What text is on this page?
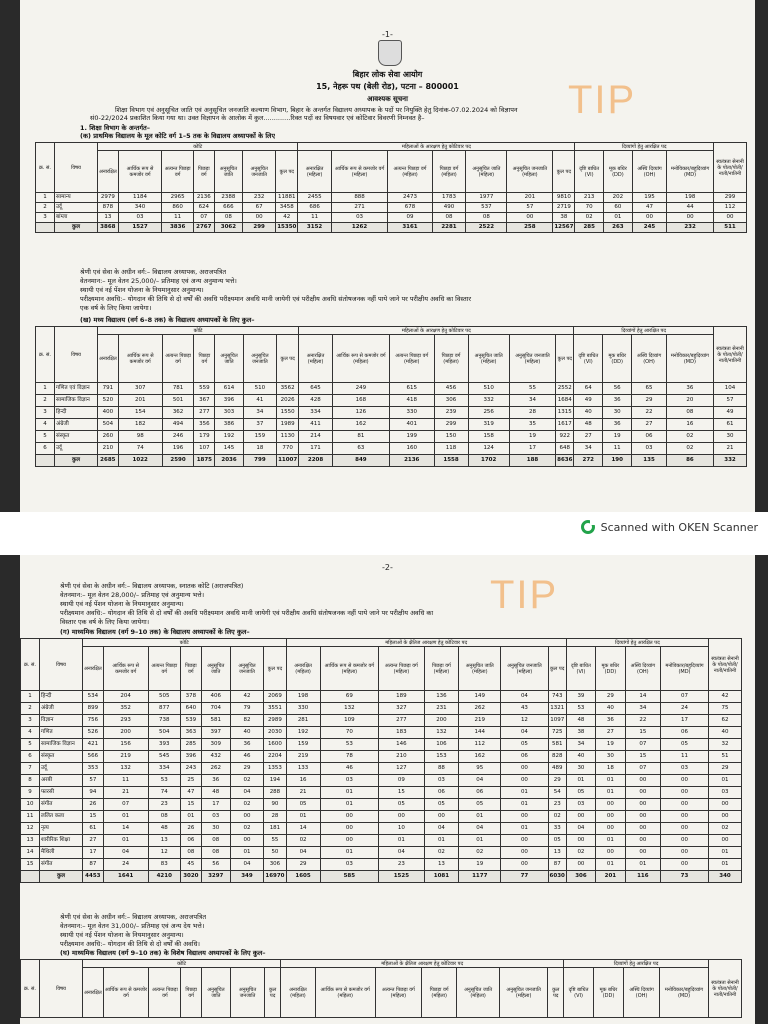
-1-
TIP
बिहार लोक सेवा आयोग
15, नेहरू पथ (बेली रोड), पटना – 800001
आवश्यक सूचना
शिक्षा विभाग एवं अनुसूचित जाति एवं अनुसूचित जनजाति कल्याण विभाग, बिहार के अन्तर्गत विद्यालय अध्यापक के पदों पर नियुक्ति हेतु दिनांक-07.02.2024 को विज्ञापन
सं0-22/2024 प्रकाशित किया गया था। उक्त विज्ञापन के आलोक में कुल.............रिक्त पदों का विषयवार एवं कोटिवार विवरणी निम्नवत है–
1. शिक्षा विभाग के अन्तर्गत–
(क) प्राथमिक विद्यालय के मूल कोटि वर्ग 1–5 तक के विद्यालय अध्यापकों के लिए
क्र. सं.	विषय	कोटि							महिलाओं के आरक्षण हेतु कोटिवार पद							दिव्यांगों हेतु आरक्षित पद				स्वतंत्रता सेनानी के पोता/पोती/नाती/नातिनी
		अनारक्षित	आर्थिक रूप से कमजोर वर्ग	अत्यन्त पिछड़ा वर्ग	पिछड़ा वर्ग	अनुसूचित जाति	अनुसूचित जनजाति	कुल पद	अनारक्षित (महिला)	आर्थिक रूप से कमजोर वर्ग (महिला)	अत्यन्त पिछड़ा वर्ग (महिला)	पिछड़ा वर्ग (महिला)	अनुसूचित जाति (महिला)	अनुसूचित जनजाति (महिला)	कुल पद	दृष्टि बाधित (VI)	मूक बधिर (DD)	अस्थि दिव्यांग (OH)	मनोविकार/बहुदिव्यांग (MD)	
1	सामान्य	2979	1184	2965	2136	2388	232	11881	2455	888	2473	1783	1977	201	9810	213	202	195	198	299
2	उर्दू	878	340	860	624	666	67	3458	686	271	678	490	537	57	2719	70	60	47	44	112
3	बांग्ला	13	03	11	07	08	00	42	11	03	09	08	08	00	38	02	01	00	00	00
	कुल	3868	1527	3836	2767	3062	299	15350	3152	1262	3161	2281	2522	258	12567	285	263	245	232	511
श्रेणी एवं सेवा के अधीन वर्ग:– विद्यालय अध्यापक, अराजपत्रित
वेतनमान:– मूल वेतन 25,000/– प्रतिमाह एवं अन्य अनुमान्य भत्ते।
स्थायी एवं नई पेंशन योजना के नियमानुसार अनुमान्य।
परीक्ष्यमान अवधि:– योगदान की तिथि से दो वर्षों की अवधि परीक्ष्यमान अवधि मानी जायेगी एवं परीक्षीय अवधि संतोषजनक नहीं पाये जाने पर परीक्षीय अवधि का विस्तार
एक वर्ष के लिए किया जायेगा।
(ख) मध्य विद्यालय (वर्ग 6–8 तक) के विद्यालय अध्यापकों के लिए कुल–
क्र. सं.	विषय	कोटि							महिलाओं के आरक्षण हेतु कोटिवार पद							दिव्यांगों हेतु आरक्षित पद				स्वतंत्रता सेनानी के पोता/पोती/नाती/नातिनी
		अनारक्षित	आर्थिक रूप से कमजोर वर्ग	अत्यन्त पिछड़ा वर्ग	पिछड़ा वर्ग	अनुसूचित जाति	अनुसूचित जनजाति	कुल पद	अनारक्षित (महिला)	आर्थिक रूप से कमजोर वर्ग (महिला)	अत्यन्त पिछड़ा वर्ग (महिला)	पिछड़ा वर्ग (महिला)	अनुसूचित जाति (महिला)	अनुसूचित जनजाति (महिला)	कुल पद	दृष्टि बाधित (VI)	मूक बधिर (DD)	अस्थि दिव्यांग (OH)	मनोविकार/बहुदिव्यांग (MD)	
1	गणित एवं विज्ञान	791	307	781	559	614	510	3562	645	249	615	456	510	55	2552	64	56	65	36	104
2	सामाजिक विज्ञान	520	201	501	367	396	41	2026	428	168	418	306	332	34	1684	49	36	29	20	57
3	हिन्दी	400	154	362	277	303	34	1550	334	126	330	239	256	28	1315	40	30	22	08	49
4	अंग्रेजी	504	182	494	356	386	37	1989	411	162	401	299	319	35	1617	48	36	27	16	61
5	संस्कृत	260	98	246	179	192	159	1130	214	81	199	150	158	19	922	27	19	06	02	30
6	उर्दू	210	74	196	107	145	18	770	171	63	160	118	124	17	648	34	11	03	02	21
	कुल	2685	1022	2590	1875	2036	799	11007	2208	849	2136	1558	1702	188	8636	272	190	135	86	332
Scanned with OKEN Scanner
-2-
TIP
श्रेणी एवं सेवा के अधीन वर्ग:– विद्यालय अध्यापक, स्नातक कोटि (अराजपत्रित)
वेतनमान:– मूल वेतन 28,000/– प्रतिमाह एवं अनुमान्य भत्ते।
स्थायी एवं नई पेंशन योजना के नियमानुसार अनुमान्य।
परीक्ष्यमान अवधि:– योगदान की तिथि से दो वर्षों की अवधि परीक्ष्यमान अवधि मानी जायेगी एवं परीक्षीय अवधि संतोषजनक नहीं पाये जाने पर परीक्षीय अवधि का
विस्तार एक वर्ष के लिए किया जायेगा।
(ग) माध्यमिक विद्यालय (वर्ग 9–10 तक) के विद्यालय अध्यापकों के लिए कुल–
क्र. सं.	विषय	कोटि							महिलाओं के क्षैतिज आरक्षण हेतु कोटिवार पद							दिव्यांगों हेतु आरक्षित पद				स्वतंत्रता सेनानी के पोता/पोती/नाती/नातिनी
		अनारक्षित	आर्थिक रूप से कमजोर वर्ग	अत्यन्त पिछड़ा वर्ग	पिछड़ा वर्ग	अनुसूचित जाति	अनुसूचित जनजाति	कुल पद	अनारक्षित (महिला)	आर्थिक रूप से कमजोर वर्ग (महिला)	अत्यन्त पिछड़ा वर्ग (महिला)	पिछड़ा वर्ग (महिला)	अनुसूचित जाति (महिला)	अनुसूचित जनजाति (महिला)	कुल पद	दृष्टि बाधित (VI)	मूक बधिर (DD)	अस्थि दिव्यांग (OH)	मनोविकार/बहुदिव्यांग (MD)	
1	हिन्दी	534	204	505	378	406	42	2069	198	69	189	136	149	04	743	39	29	14	07	42
2	अंग्रेजी	899	352	877	640	704	79	3551	330	132	327	231	262	43	1321	53	40	34	24	75
3	विज्ञान	756	293	738	539	581	82	2989	281	109	277	200	219	12	1097	48	36	22	17	62
4	गणित	526	200	504	363	397	40	2030	192	70	183	132	144	04	725	38	27	15	06	40
5	सामाजिक विज्ञान	421	156	393	285	309	36	1600	159	53	146	106	112	05	581	34	19	07	05	32
6	संस्कृत	566	219	545	396	432	46	2204	219	78	210	153	162	06	828	40	30	15	11	51
7	उर्दू	353	132	334	243	262	29	1353	133	46	127	88	95	00	489	30	18	07	03	29
8	अरबी	57	11	53	25	36	02	194	16	03	09	03	04	00	29	01	01	00	00	01
9	फारसी	94	21	74	47	48	04	288	21	01	15	06	06	01	54	05	01	00	00	03
10	संगीत	26	07	23	15	17	02	90	05	01	05	05	05	01	23	03	00	00	00	00
11	ललित कला	15	01	08	01	03	00	28	01	00	00	00	01	00	02	00	00	00	00	00
12	नृत्य	61	14	48	26	30	02	181	14	00	10	04	04	01	33	04	00	00	00	02
13	शारीरिक शिक्षा	27	01	13	06	08	00	55	02	00	01	01	01	00	05	00	01	00	00	00
14	मैथिली	17	04	12	08	08	01	50	04	01	04	02	02	00	13	02	00	00	00	01
15	संगीत	87	24	83	45	56	04	306	29	03	23	13	19	00	87	00	01	01	00	01
	कुल	4453	1641	4210	3020	3297	349	16970	1605	585	1525	1081	1177	77	6030	306	201	116	73	340
श्रेणी एवं सेवा के अधीन वर्ग:– विद्यालय अध्यापक, अराजपत्रित
वेतनमान:– मूल वेतन 31,000/– प्रतिमाह एवं अन्य देय भत्ते।
स्थायी एवं नई पेंशन योजना के नियमानुसार अनुमान्य।
परीक्ष्यमान अवधि:– योगदान की तिथि से दो वर्षों की अवधि।
(घ) माध्यमिक विद्यालय (वर्ग 9–10 तक) के विशेष विद्यालय अध्यापकों के लिए कुल–
क्र. सं.	विषय	कोटि							महिलाओं के क्षैतिज आरक्षण हेतु कोटिवार पद							दिव्यांगों हेतु आरक्षित पद				स्वतंत्रता सेनानी के पोता/पोती/नाती/नातिनी
		अनारक्षित	आर्थिक रूप से कमजोर वर्ग	अत्यन्त पिछड़ा वर्ग	पिछड़ा वर्ग	अनुसूचित जाति	अनुसूचित जनजाति	कुल पद	अनारक्षित (महिला)	आर्थिक रूप से कमजोर वर्ग (महिला)	अत्यन्त पिछड़ा वर्ग (महिला)	पिछड़ा वर्ग (महिला)	अनुसूचित जाति (महिला)	अनुसूचित जनजाति (महिला)	कुल पद	दृष्टि बाधित (VI)	मूक बधिर (DD)	अस्थि दिव्यांग (OH)	मनोविकार/बहुदिव्यांग (MD)	
